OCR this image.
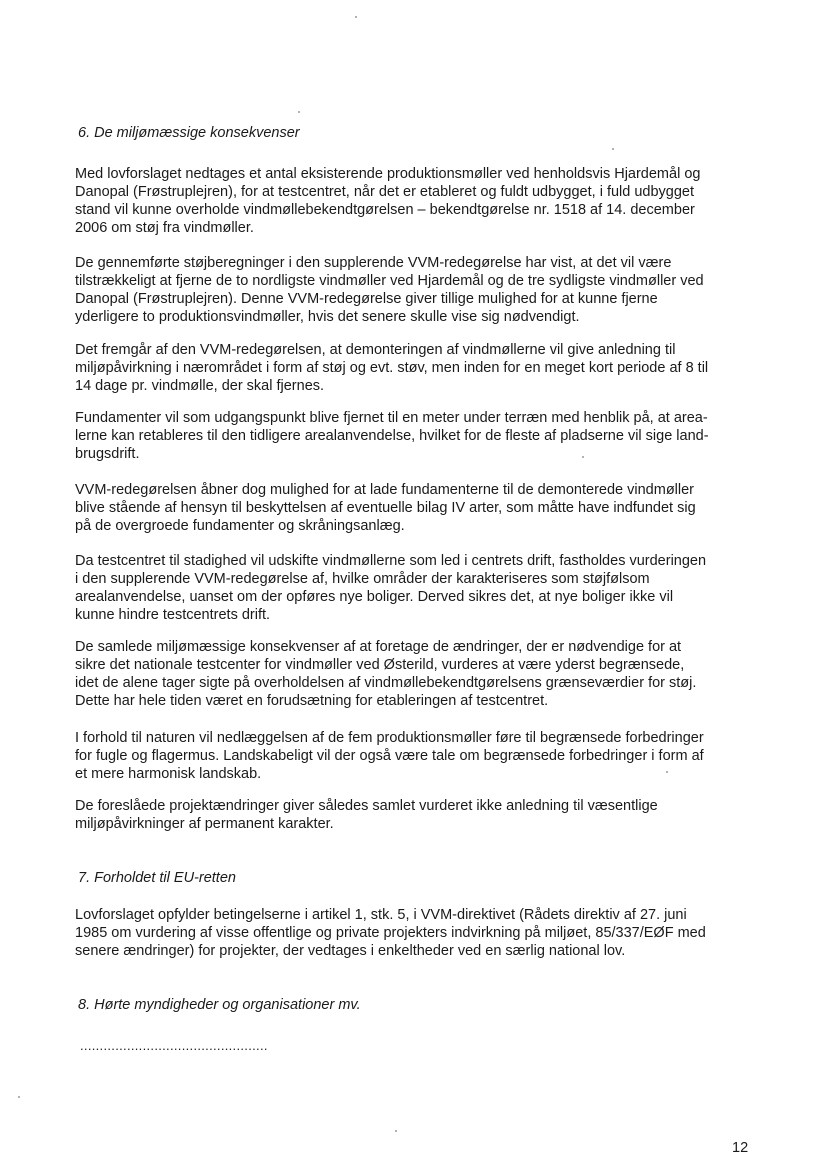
6. De miljømæssige konsekvenser
Med lovforslaget nedtages et antal eksisterende produktionsmøller ved henholdsvis Hjardemål og
Danopal (Frøstruplejren), for at testcentret, når det er etableret og fuldt udbygget, i fuld udbygget
stand vil kunne overholde vindmøllebekendtgørelsen – bekendtgørelse nr. 1518 af 14. december
2006 om støj fra vindmøller.
De gennemførte støjberegninger i den supplerende VVM-redegørelse har vist, at det vil være
tilstrækkeligt at fjerne de to nordligste vindmøller ved Hjardemål og de tre sydligste vindmøller ved
Danopal (Frøstruplejren). Denne VVM-redegørelse giver tillige mulighed for at kunne fjerne
yderligere to produktionsvindmøller, hvis det senere skulle vise sig nødvendigt.
Det fremgår af den VVM-redegørelsen, at demonteringen af vindmøllerne vil give anledning til
miljøpåvirkning i nærområdet i form af støj og evt. støv, men inden for en meget kort periode af 8 til
14 dage pr. vindmølle, der skal fjernes.
Fundamenter vil som udgangspunkt blive fjernet til en meter under terræn med henblik på, at area-
lerne kan retableres til den tidligere arealanvendelse, hvilket for de fleste af pladserne vil sige land-
brugsdrift.
VVM-redegørelsen åbner dog mulighed for at lade fundamenterne til de demonterede vindmøller
blive stående af hensyn til beskyttelsen af eventuelle bilag IV arter, som måtte have indfundet sig
på de overgroede fundamenter og skråningsanlæg.
Da testcentret til stadighed vil udskifte vindmøllerne som led i centrets drift, fastholdes vurderingen
i den supplerende VVM-redegørelse af, hvilke områder der karakteriseres som støjfølsom
arealanvendelse, uanset om der opføres nye boliger. Derved sikres det, at nye boliger ikke vil
kunne hindre testcentrets drift.
De samlede miljømæssige konsekvenser af at foretage de ændringer, der er nødvendige for at
sikre det nationale testcenter for vindmøller ved Østerild, vurderes at være yderst begrænsede,
idet de alene tager sigte på overholdelsen af vindmøllebekendtgørelsens grænseværdier for støj.
Dette har hele tiden været en forudsætning for etableringen af testcentret.
I forhold til naturen vil nedlæggelsen af de fem produktionsmøller føre til begrænsede forbedringer
for fugle og flagermus. Landskabeligt vil der også være tale om begrænsede forbedringer i form af
et mere harmonisk landskab.
De foreslåede projektændringer giver således samlet vurderet ikke anledning til væsentlige
miljøpåvirkninger af permanent karakter.
7. Forholdet til EU-retten
Lovforslaget opfylder betingelserne i artikel 1, stk. 5, i VVM-direktivet (Rådets direktiv af 27. juni
1985 om vurdering af visse offentlige og private projekters indvirkning på miljøet, 85/337/EØF med
senere ændringer) for projekter, der vedtages i enkeltheder ved en særlig national lov.
8. Hørte myndigheder og organisationer mv.
................................................
12
